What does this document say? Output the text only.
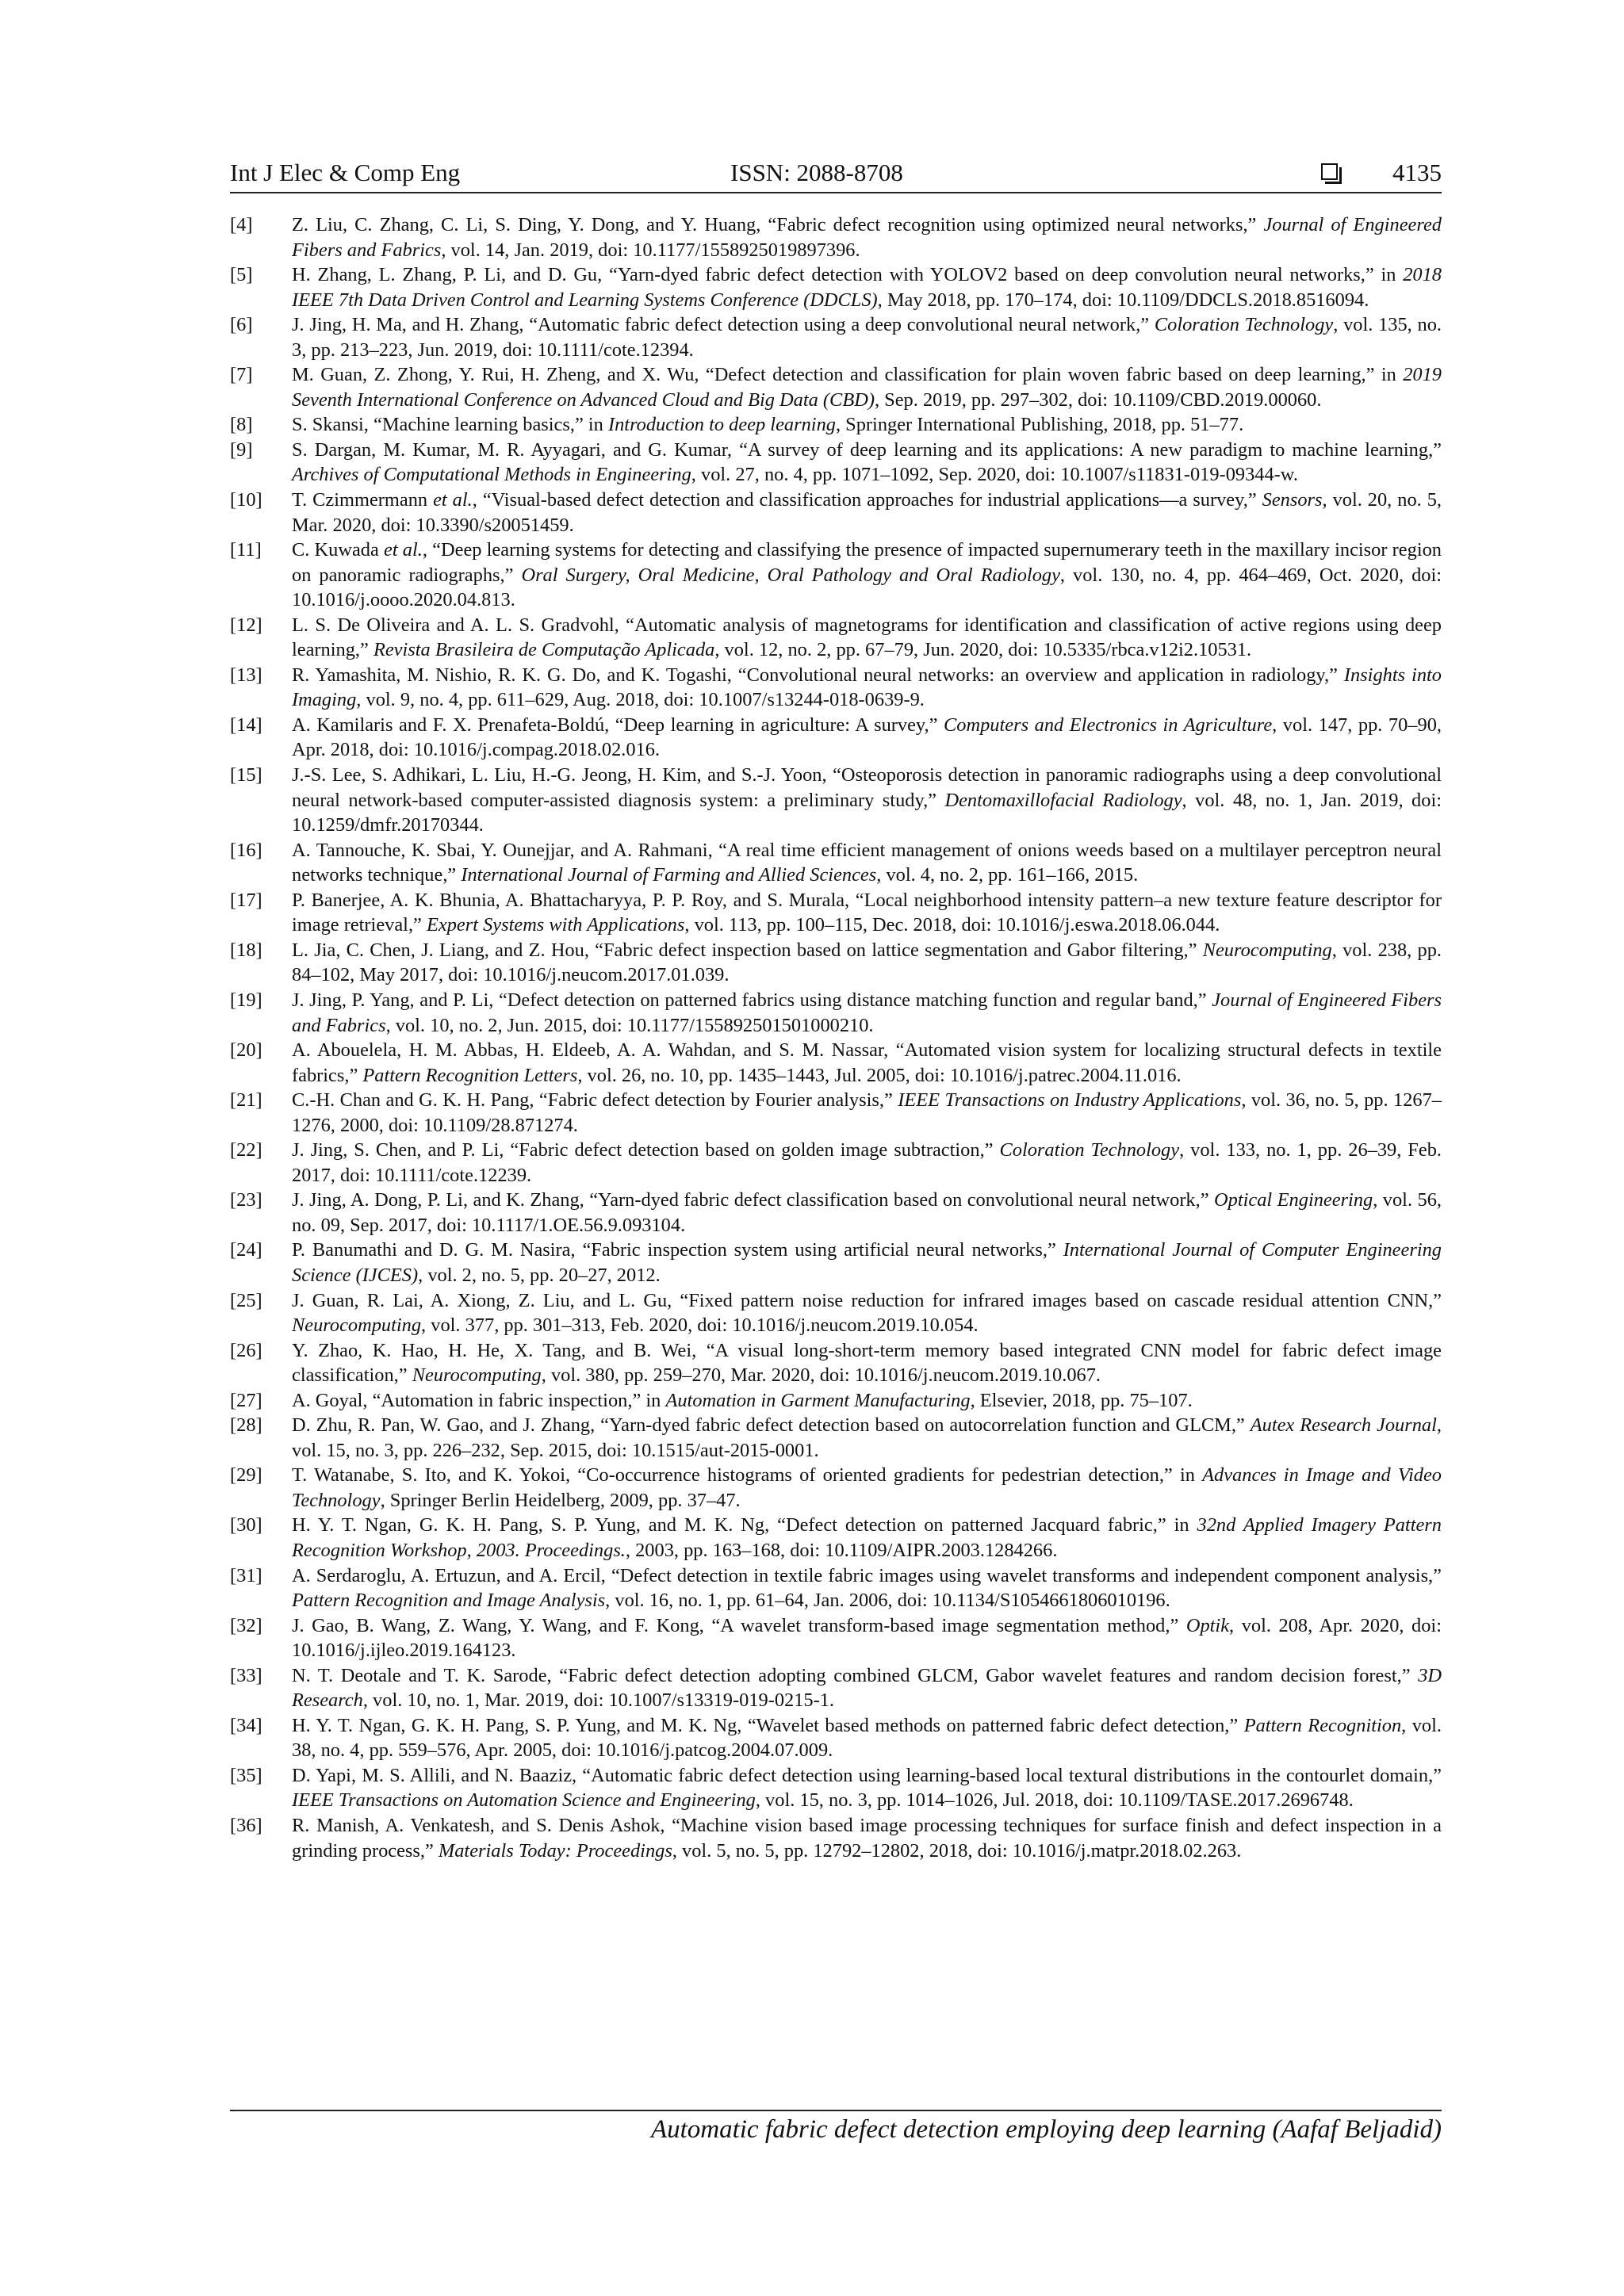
Int J Elec & Comp Eng	ISSN: 2088-8708	4135
[4] Z. Liu, C. Zhang, C. Li, S. Ding, Y. Dong, and Y. Huang, “Fabric defect recognition using optimized neural networks,” Journal of Engineered Fibers and Fabrics, vol. 14, Jan. 2019, doi: 10.1177/1558925019897396.
[5] H. Zhang, L. Zhang, P. Li, and D. Gu, “Yarn-dyed fabric defect detection with YOLOV2 based on deep convolution neural networks,” in 2018 IEEE 7th Data Driven Control and Learning Systems Conference (DDCLS), May 2018, pp. 170–174, doi: 10.1109/DDCLS.2018.8516094.
[6] J. Jing, H. Ma, and H. Zhang, “Automatic fabric defect detection using a deep convolutional neural network,” Coloration Technology, vol. 135, no. 3, pp. 213–223, Jun. 2019, doi: 10.1111/cote.12394.
[7] M. Guan, Z. Zhong, Y. Rui, H. Zheng, and X. Wu, “Defect detection and classification for plain woven fabric based on deep learning,” in 2019 Seventh International Conference on Advanced Cloud and Big Data (CBD), Sep. 2019, pp. 297–302, doi: 10.1109/CBD.2019.00060.
[8] S. Skansi, “Machine learning basics,” in Introduction to deep learning, Springer International Publishing, 2018, pp. 51–77.
[9] S. Dargan, M. Kumar, M. R. Ayyagari, and G. Kumar, “A survey of deep learning and its applications: A new paradigm to machine learning,” Archives of Computational Methods in Engineering, vol. 27, no. 4, pp. 1071–1092, Sep. 2020, doi: 10.1007/s11831-019-09344-w.
[10] T. Czimmermann et al., “Visual-based defect detection and classification approaches for industrial applications—a survey,” Sensors, vol. 20, no. 5, Mar. 2020, doi: 10.3390/s20051459.
[11] C. Kuwada et al., “Deep learning systems for detecting and classifying the presence of impacted supernumerary teeth in the maxillary incisor region on panoramic radiographs,” Oral Surgery, Oral Medicine, Oral Pathology and Oral Radiology, vol. 130, no. 4, pp. 464–469, Oct. 2020, doi: 10.1016/j.oooo.2020.04.813.
[12] L. S. De Oliveira and A. L. S. Gradvohl, “Automatic analysis of magnetograms for identification and classification of active regions using deep learning,” Revista Brasileira de Computação Aplicada, vol. 12, no. 2, pp. 67–79, Jun. 2020, doi: 10.5335/rbca.v12i2.10531.
[13] R. Yamashita, M. Nishio, R. K. G. Do, and K. Togashi, “Convolutional neural networks: an overview and application in radiology,” Insights into Imaging, vol. 9, no. 4, pp. 611–629, Aug. 2018, doi: 10.1007/s13244-018-0639-9.
[14] A. Kamilaris and F. X. Prenafeta-Boldú, “Deep learning in agriculture: A survey,” Computers and Electronics in Agriculture, vol. 147, pp. 70–90, Apr. 2018, doi: 10.1016/j.compag.2018.02.016.
[15] J.-S. Lee, S. Adhikari, L. Liu, H.-G. Jeong, H. Kim, and S.-J. Yoon, “Osteoporosis detection in panoramic radiographs using a deep convolutional neural network-based computer-assisted diagnosis system: a preliminary study,” Dentomaxillofacial Radiology, vol. 48, no. 1, Jan. 2019, doi: 10.1259/dmfr.20170344.
[16] A. Tannouche, K. Sbai, Y. Ounejjar, and A. Rahmani, “A real time efficient management of onions weeds based on a multilayer perceptron neural networks technique,” International Journal of Farming and Allied Sciences, vol. 4, no. 2, pp. 161–166, 2015.
[17] P. Banerjee, A. K. Bhunia, A. Bhattacharyya, P. P. Roy, and S. Murala, “Local neighborhood intensity pattern–a new texture feature descriptor for image retrieval,” Expert Systems with Applications, vol. 113, pp. 100–115, Dec. 2018, doi: 10.1016/j.eswa.2018.06.044.
[18] L. Jia, C. Chen, J. Liang, and Z. Hou, “Fabric defect inspection based on lattice segmentation and Gabor filtering,” Neurocomputing, vol. 238, pp. 84–102, May 2017, doi: 10.1016/j.neucom.2017.01.039.
[19] J. Jing, P. Yang, and P. Li, “Defect detection on patterned fabrics using distance matching function and regular band,” Journal of Engineered Fibers and Fabrics, vol. 10, no. 2, Jun. 2015, doi: 10.1177/155892501501000210.
[20] A. Abouelela, H. M. Abbas, H. Eldeeb, A. A. Wahdan, and S. M. Nassar, “Automated vision system for localizing structural defects in textile fabrics,” Pattern Recognition Letters, vol. 26, no. 10, pp. 1435–1443, Jul. 2005, doi: 10.1016/j.patrec.2004.11.016.
[21] C.-H. Chan and G. K. H. Pang, “Fabric defect detection by Fourier analysis,” IEEE Transactions on Industry Applications, vol. 36, no. 5, pp. 1267–1276, 2000, doi: 10.1109/28.871274.
[22] J. Jing, S. Chen, and P. Li, “Fabric defect detection based on golden image subtraction,” Coloration Technology, vol. 133, no. 1, pp. 26–39, Feb. 2017, doi: 10.1111/cote.12239.
[23] J. Jing, A. Dong, P. Li, and K. Zhang, “Yarn-dyed fabric defect classification based on convolutional neural network,” Optical Engineering, vol. 56, no. 09, Sep. 2017, doi: 10.1117/1.OE.56.9.093104.
[24] P. Banumathi and D. G. M. Nasira, “Fabric inspection system using artificial neural networks,” International Journal of Computer Engineering Science (IJCES), vol. 2, no. 5, pp. 20–27, 2012.
[25] J. Guan, R. Lai, A. Xiong, Z. Liu, and L. Gu, “Fixed pattern noise reduction for infrared images based on cascade residual attention CNN,” Neurocomputing, vol. 377, pp. 301–313, Feb. 2020, doi: 10.1016/j.neucom.2019.10.054.
[26] Y. Zhao, K. Hao, H. He, X. Tang, and B. Wei, “A visual long-short-term memory based integrated CNN model for fabric defect image classification,” Neurocomputing, vol. 380, pp. 259–270, Mar. 2020, doi: 10.1016/j.neucom.2019.10.067.
[27] A. Goyal, “Automation in fabric inspection,” in Automation in Garment Manufacturing, Elsevier, 2018, pp. 75–107.
[28] D. Zhu, R. Pan, W. Gao, and J. Zhang, “Yarn-dyed fabric defect detection based on autocorrelation function and GLCM,” Autex Research Journal, vol. 15, no. 3, pp. 226–232, Sep. 2015, doi: 10.1515/aut-2015-0001.
[29] T. Watanabe, S. Ito, and K. Yokoi, “Co-occurrence histograms of oriented gradients for pedestrian detection,” in Advances in Image and Video Technology, Springer Berlin Heidelberg, 2009, pp. 37–47.
[30] H. Y. T. Ngan, G. K. H. Pang, S. P. Yung, and M. K. Ng, “Defect detection on patterned Jacquard fabric,” in 32nd Applied Imagery Pattern Recognition Workshop, 2003. Proceedings., 2003, pp. 163–168, doi: 10.1109/AIPR.2003.1284266.
[31] A. Serdaroglu, A. Ertuzun, and A. Ercil, “Defect detection in textile fabric images using wavelet transforms and independent component analysis,” Pattern Recognition and Image Analysis, vol. 16, no. 1, pp. 61–64, Jan. 2006, doi: 10.1134/S1054661806010196.
[32] J. Gao, B. Wang, Z. Wang, Y. Wang, and F. Kong, “A wavelet transform-based image segmentation method,” Optik, vol. 208, Apr. 2020, doi: 10.1016/j.ijleo.2019.164123.
[33] N. T. Deotale and T. K. Sarode, “Fabric defect detection adopting combined GLCM, Gabor wavelet features and random decision forest,” 3D Research, vol. 10, no. 1, Mar. 2019, doi: 10.1007/s13319-019-0215-1.
[34] H. Y. T. Ngan, G. K. H. Pang, S. P. Yung, and M. K. Ng, “Wavelet based methods on patterned fabric defect detection,” Pattern Recognition, vol. 38, no. 4, pp. 559–576, Apr. 2005, doi: 10.1016/j.patcog.2004.07.009.
[35] D. Yapi, M. S. Allili, and N. Baaziz, “Automatic fabric defect detection using learning-based local textural distributions in the contourlet domain,” IEEE Transactions on Automation Science and Engineering, vol. 15, no. 3, pp. 1014–1026, Jul. 2018, doi: 10.1109/TASE.2017.2696748.
[36] R. Manish, A. Venkatesh, and S. Denis Ashok, “Machine vision based image processing techniques for surface finish and defect inspection in a grinding process,” Materials Today: Proceedings, vol. 5, no. 5, pp. 12792–12802, 2018, doi: 10.1016/j.matpr.2018.02.263.
Automatic fabric defect detection employing deep learning (Aafaf Beljadid)
